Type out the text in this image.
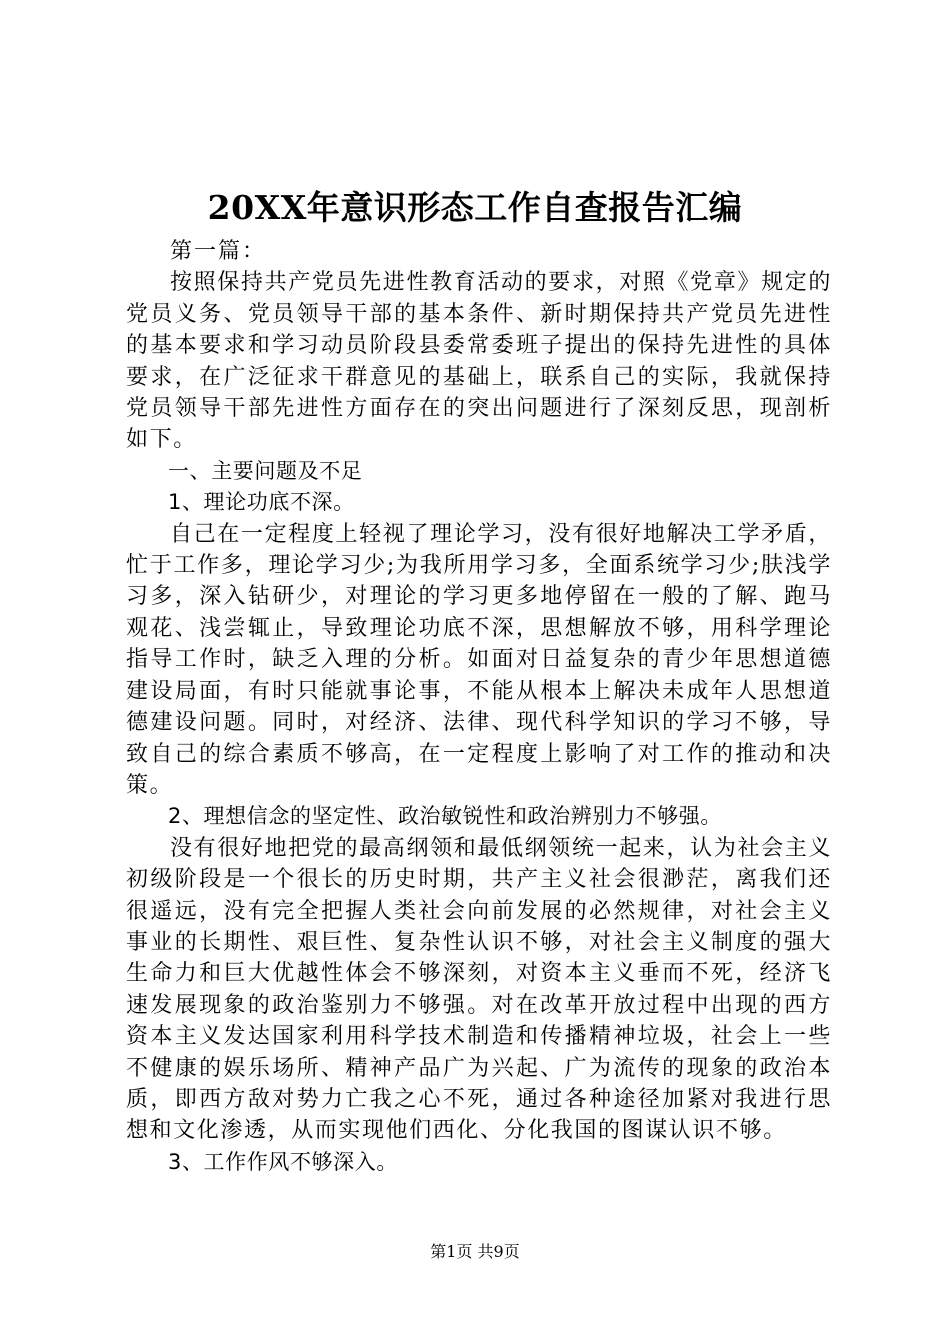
20XX年意识形态工作自查报告汇编

第一篇：

按照保持共产党员先进性教育活动的要求，对照《党章》规定的党员义务、党员领导干部的基本条件、新时期保持共产党员先进性的基本要求和学习动员阶段县委常委班子提出的保持先进性的具体要求，在广泛征求干群意见的基础上，联系自己的实际，我就保持党员领导干部先进性方面存在的突出问题进行了深刻反思，现剖析如下。

一、主要问题及不足

1、理论功底不深。

自己在一定程度上轻视了理论学习，没有很好地解决工学矛盾，忙于工作多，理论学习少;为我所用学习多，全面系统学习少;肤浅学习多，深入钻研少，对理论的学习更多地停留在一般的了解、跑马观花、浅尝辄止，导致理论功底不深，思想解放不够，用科学理论指导工作时，缺乏入理的分析。如面对日益复杂的青少年思想道德建设局面，有时只能就事论事，不能从根本上解决未成年人思想道德建设问题。同时，对经济、法律、现代科学知识的学习不够，导致自己的综合素质不够高，在一定程度上影响了对工作的推动和决策。

2、理想信念的坚定性、政治敏锐性和政治辨别力不够强。

没有很好地把党的最高纲领和最低纲领统一起来，认为社会主义初级阶段是一个很长的历史时期，共产主义社会很渺茫，离我们还很遥远，没有完全把握人类社会向前发展的必然规律，对社会主义事业的长期性、艰巨性、复杂性认识不够，对社会主义制度的强大生命力和巨大优越性体会不够深刻，对资本主义垂而不死，经济飞速发展现象的政治鉴别力不够强。对在改革开放过程中出现的西方资本主义发达国家利用科学技术制造和传播精神垃圾，社会上一些不健康的娱乐场所、精神产品广为兴起、广为流传的现象的政治本质，即西方敌对势力亡我之心不死，通过各种途径加紧对我进行思想和文化渗透，从而实现他们西化、分化我国的图谋认识不够。

3、工作作风不够深入。

第1页 共9页
